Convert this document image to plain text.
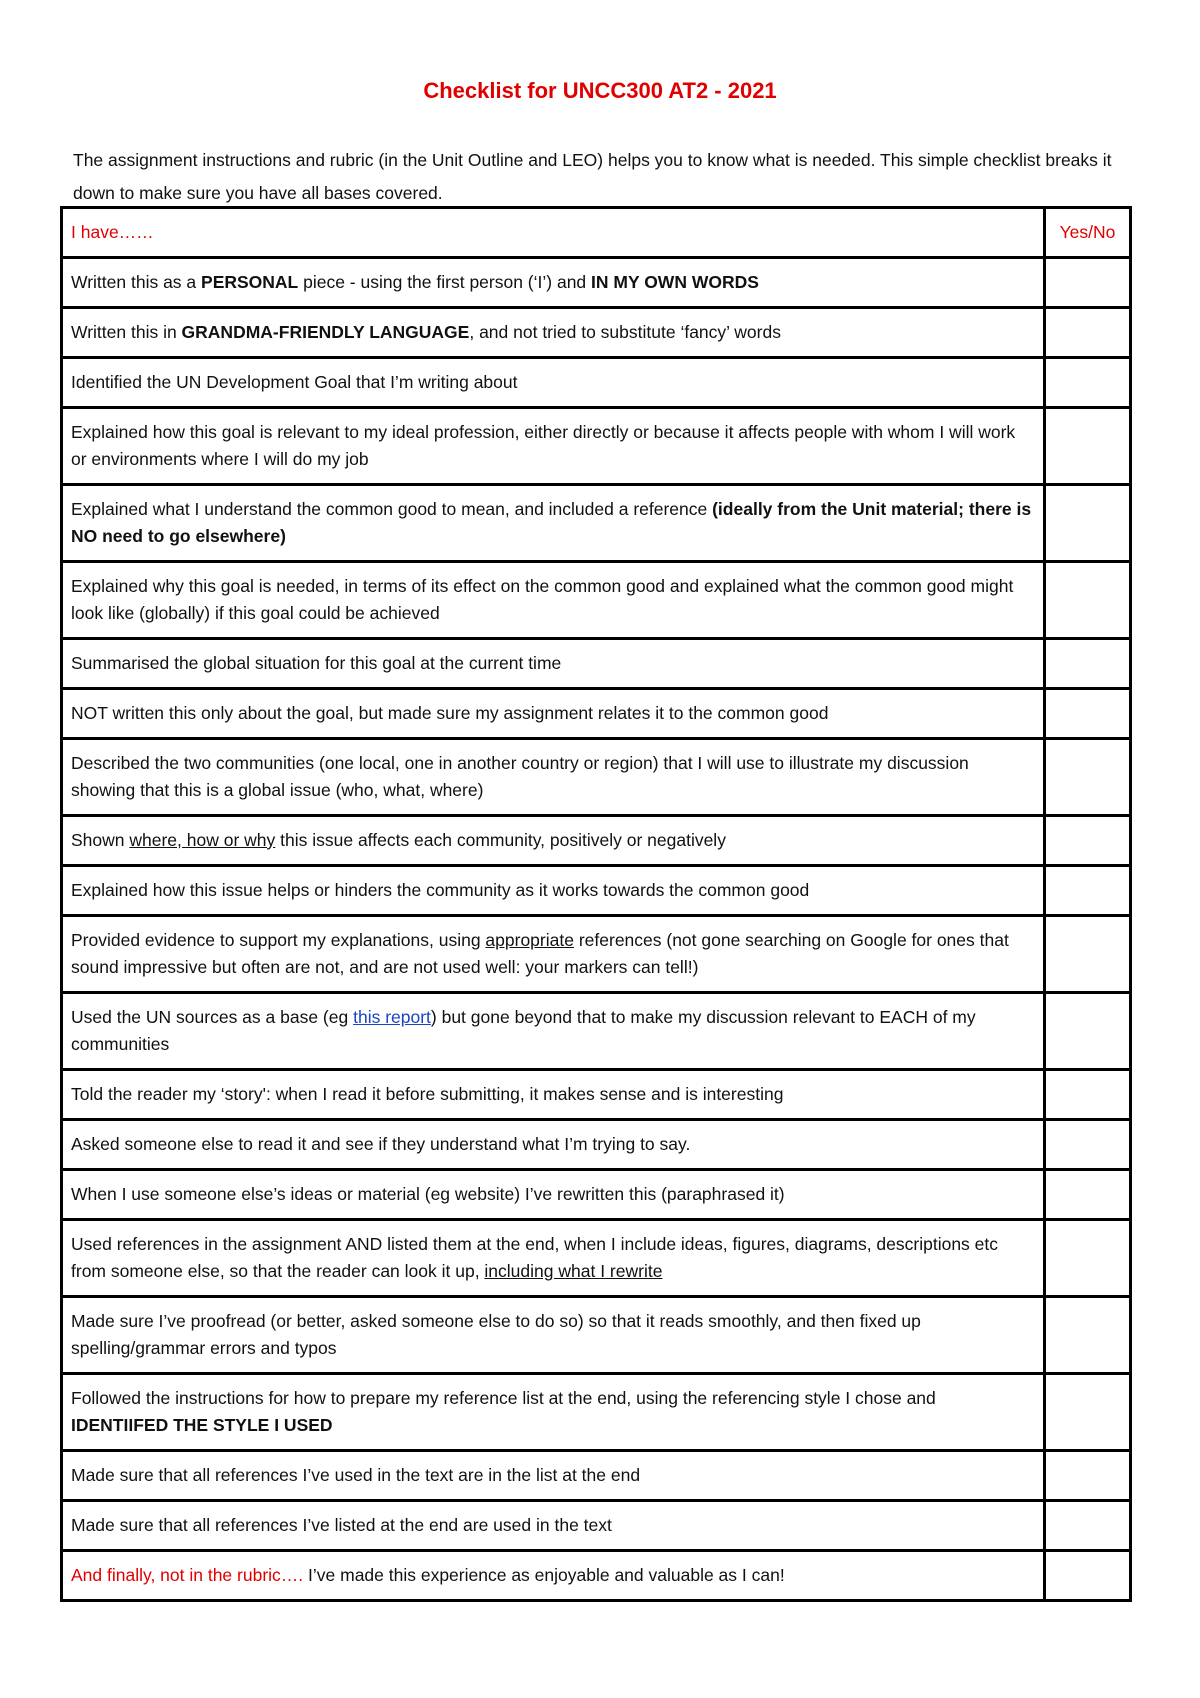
Checklist for UNCC300 AT2 - 2021
The assignment instructions and rubric (in the Unit Outline and LEO) helps you to know what is needed. This simple checklist breaks it down to make sure you have all bases covered.
I have……	Yes/No
Written this as a PERSONAL piece - using the first person (‘I’) and IN MY OWN WORDS	
Written this in GRANDMA-FRIENDLY LANGUAGE, and not tried to substitute ‘fancy’ words	
Identified the UN Development Goal that I’m writing about	
Explained how this goal is relevant to my ideal profession, either directly or because it affects people with whom I will work or environments where I will do my job	
Explained what I understand the common good to mean, and included a reference (ideally from the Unit material; there is NO need to go elsewhere)	
Explained why this goal is needed, in terms of its effect on the common good and explained what the common good might look like (globally) if this goal could be achieved	
Summarised the global situation for this goal at the current time	
NOT written this only about the goal, but made sure my assignment relates it to the common good	
Described the two communities (one local, one in another country or region) that I will use to illustrate my discussion showing that this is a global issue (who, what, where)	
Shown where, how or why this issue affects each community, positively or negatively	
Explained how this issue helps or hinders the community as it works towards the common good	
Provided evidence to support my explanations, using appropriate references (not gone searching on Google for ones that sound impressive but often are not, and are not used well: your markers can tell!)	
Used the UN sources as a base (eg this report) but gone beyond that to make my discussion relevant to EACH of my communities	
Told the reader my ‘story': when I read it before submitting, it makes sense and is interesting	
Asked someone else to read it and see if they understand what I’m trying to say.	
When I use someone else’s ideas or material (eg website) I’ve rewritten this (paraphrased it)	
Used references in the assignment AND listed them at the end, when I include ideas, figures, diagrams, descriptions etc from someone else, so that the reader can look it up, including what I rewrite	
Made sure I’ve proofread (or better, asked someone else to do so) so that it reads smoothly, and then fixed up spelling/grammar errors and typos	
Followed the instructions for how to prepare my reference list at the end, using the referencing style I chose and IDENTIIFED THE STYLE I USED	
Made sure that all references I’ve used in the text are in the list at the end	
Made sure that all references I’ve listed at the end are used in the text	
And finally, not in the rubric…. I’ve made this experience as enjoyable and valuable as I can!	
